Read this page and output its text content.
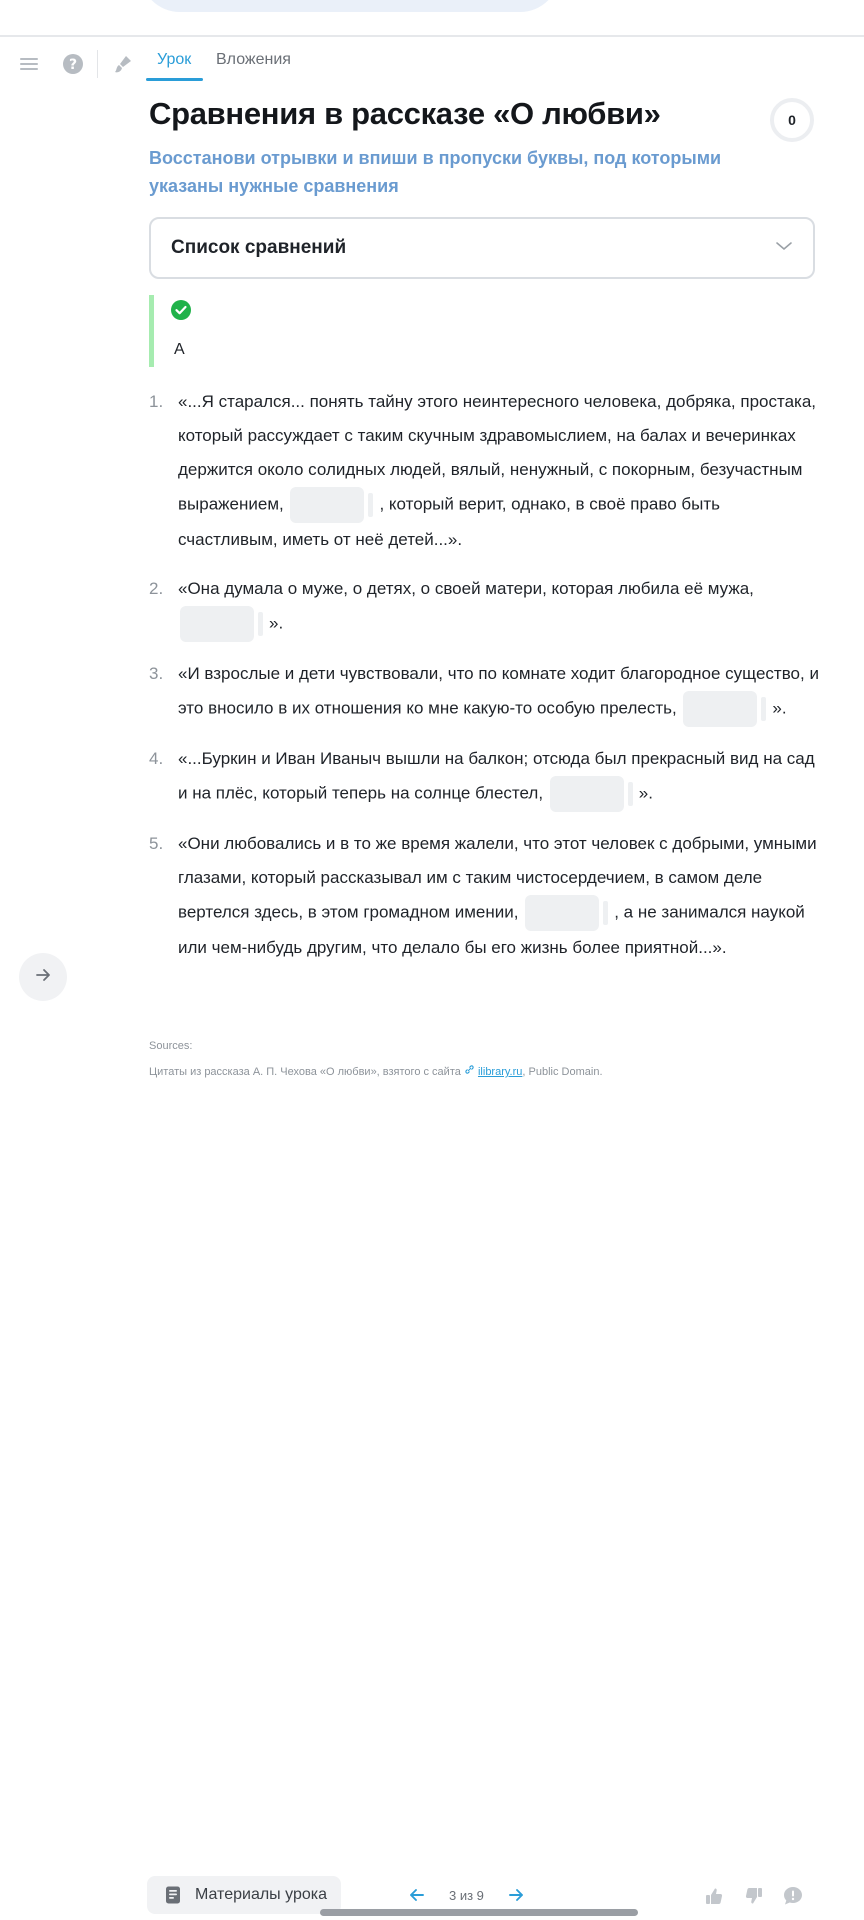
?	Урок Вложения
Сравнения в рассказе «О любви»	0
Восстанови отрывки и впиши в пропуски буквы, под которыми указаны нужные сравнения
Список сравнений
А
1. «...Я старался... понять тайну этого неинтересного человека, добряка, простака, который рассуждает с таким скучным здравомыслием, на балах и вечеринках держится около солидных людей, вялый, ненужный, с покорным, безучастным выражением,	, который верит, однако, в своё право быть счастливым, иметь от неё детей...».
2. «Она думала о муже, о детях, о своей матери, которая любила её мужа, ».
3. «И взрослые и дети чувствовали, что по комнате ходит благородное существо, и это вносило в их отношения ко мне какую-то особую прелесть,	».
4. «...Буркин и Иван Иваныч вышли на балкон; отсюда был прекрасный вид на сад и на плёс, который теперь на солнце блестел,	».
5. «Они любовались и в то же время жалели, что этот человек с добрыми, умными глазами, который рассказывал им с таким чистосердечием, в самом деле вертелся здесь, в этом громадном имении,	, а не занимался наукой или чем-нибудь другим, что делало бы его жизнь более приятной...».
Sources:
Цитаты из рассказа А. П. Чехова «О любви», взятого с сайта ilibrary.ru, Public Domain.
Материалы урока	3 из 9
